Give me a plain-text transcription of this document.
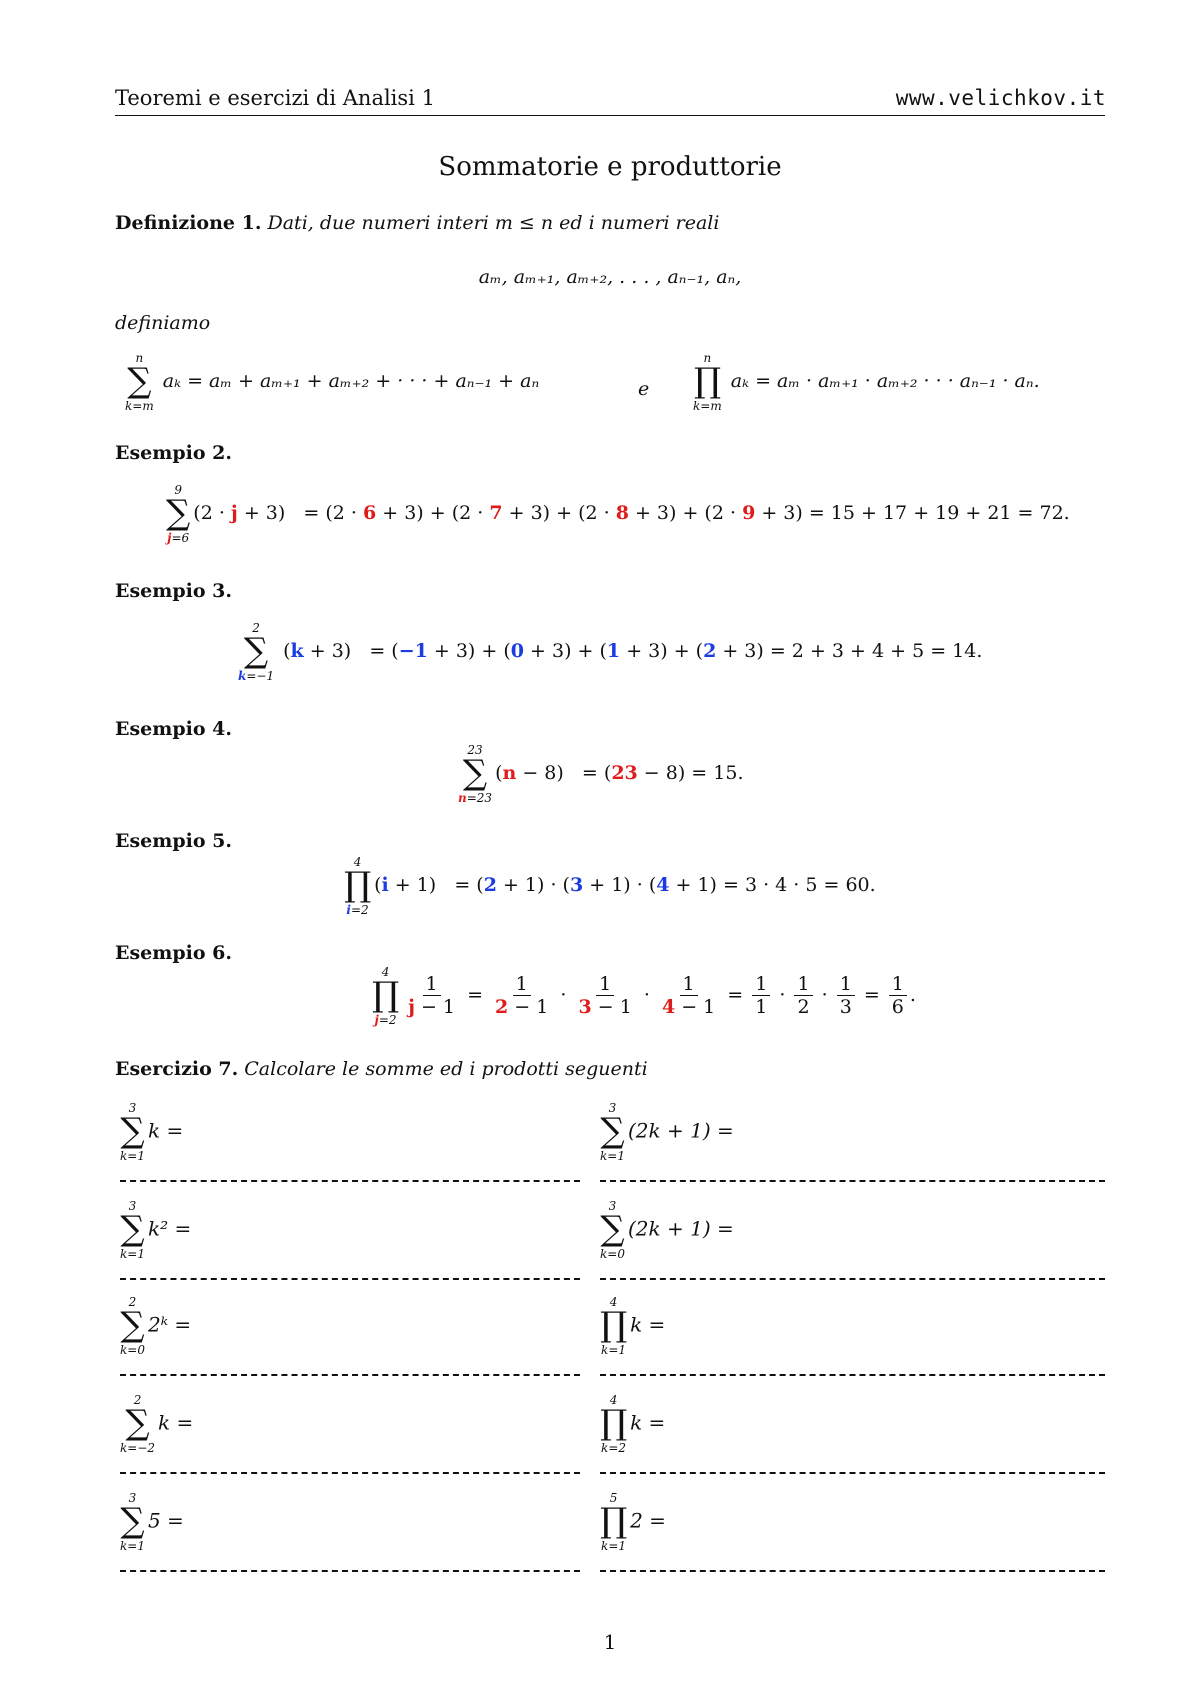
Teoremi e esercizi di Analisi 1	www.velichkov.it
Sommatorie e produttorie
Definizione 1. Dati, due numeri interi m ≤ n ed i numeri reali
aₘ, aₘ₊₁, aₘ₊₂, . . . , aₙ₋₁, aₙ,
definiamo
n
∑
k=m
aₖ = aₘ + aₘ₊₁ + aₘ₊₂ + · · · + aₙ₋₁ + aₙ	e
n
∏
k=m
aₖ = aₘ · aₘ₊₁ · aₘ₊₂ · · · aₙ₋₁ · aₙ.
Esempio 2.
9
∑
j=6
(2 · j + 3)   = (2 · 6 + 3) + (2 · 7 + 3) + (2 · 8 + 3) + (2 · 9 + 3) = 15 + 17 + 19 + 21 = 72.
Esempio 3.
2
∑
k=−1
(k + 3)   = (−1 + 3) + (0 + 3) + (1 + 3) + (2 + 3) = 2 + 3 + 4 + 5 = 14.
Esempio 4.
23
∑
n=23
(n − 8)   = (23 − 8) = 15.
Esempio 5.
4
∏
i=2
(i + 1)   = (2 + 1) · (3 + 1) · (4 + 1) = 3 · 4 · 5 = 60.
Esempio 6.
4
∏
j=2
$\frac{1}{j - 1} = \frac{1}{2 - 1} \cdot \frac{1}{3 - 1} \cdot \frac{1}{4 - 1} = \frac{1}{1} \cdot \frac{1}{2} \cdot \frac{1}{3} = \frac{1}{6}$ .
Esercizio 7. Calcolare le somme ed i prodotti seguenti
3
∑
k=1
k =
3
∑
k=1
(2k + 1) =
3
∑
k=1
k² =
3
∑
k=0
(2k + 1) =
2
∑
k=0
2ᵏ =
4
∏
k=1
k =
2
∑
k=−2
k =
4
∏
k=2
k =
3
∑
k=1
5 =
5
∏
k=1
2 =
1
